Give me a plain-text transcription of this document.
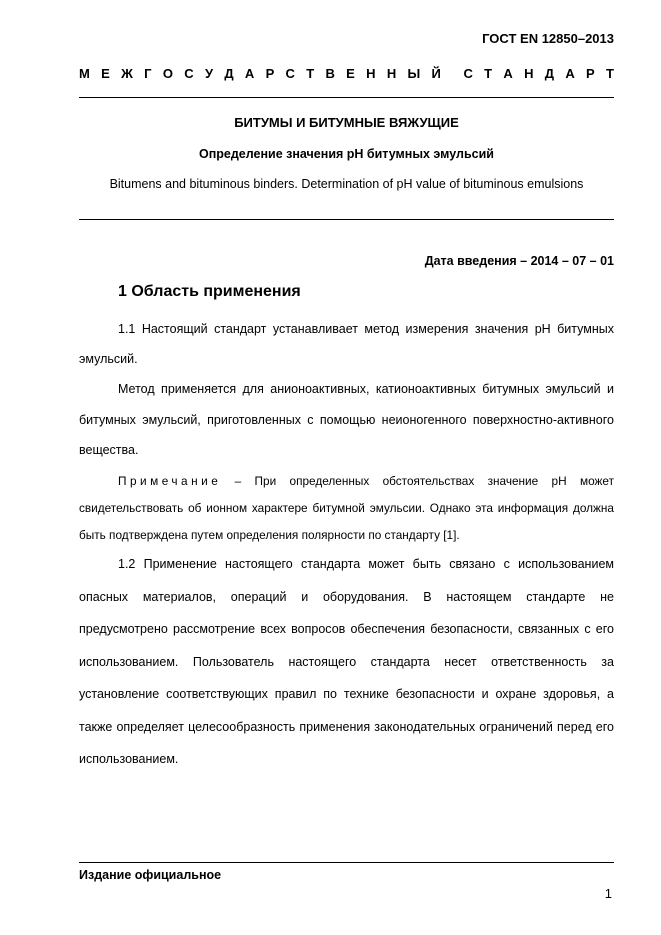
ГОСТ EN 12850–2013
М Е Ж Г О С У Д А Р С Т В Е Н Н Ы Й С Т А Н Д А Р Т
БИТУМЫ И БИТУМНЫЕ ВЯЖУЩИЕ
Определение значения рН битумных эмульсий
Bitumens and bituminous binders. Determination of pH value of bituminous emulsions
Дата введения – 2014 – 07 – 01
1 Область применения

1.1 Настоящий стандарт устанавливает метод измерения значения рН битумных эмульсий.

Метод применяется для анионоактивных, катионоактивных битумных эмульсий и битумных эмульсий, приготовленных с помощью неионогенного поверхностно-активного вещества.

Примечание – При определенных обстоятельствах значение рН может свидетельствовать об ионном характере битумной эмульсии. Однако эта информация должна быть подтверждена путем определения полярности по стандарту [1].

1.2 Применение настоящего стандарта может быть связано с использованием опасных материалов, операций и оборудования. В настоящем стандарте не предусмотрено рассмотрение всех вопросов обеспечения безопасности, связанных с его использованием. Пользователь настоящего стандарта несет ответственность за установление соответствующих правил по технике безопасности и охране здоровья, а также определяет целесообразность применения законодательных ограничений перед его использованием.

Издание официальное
1
